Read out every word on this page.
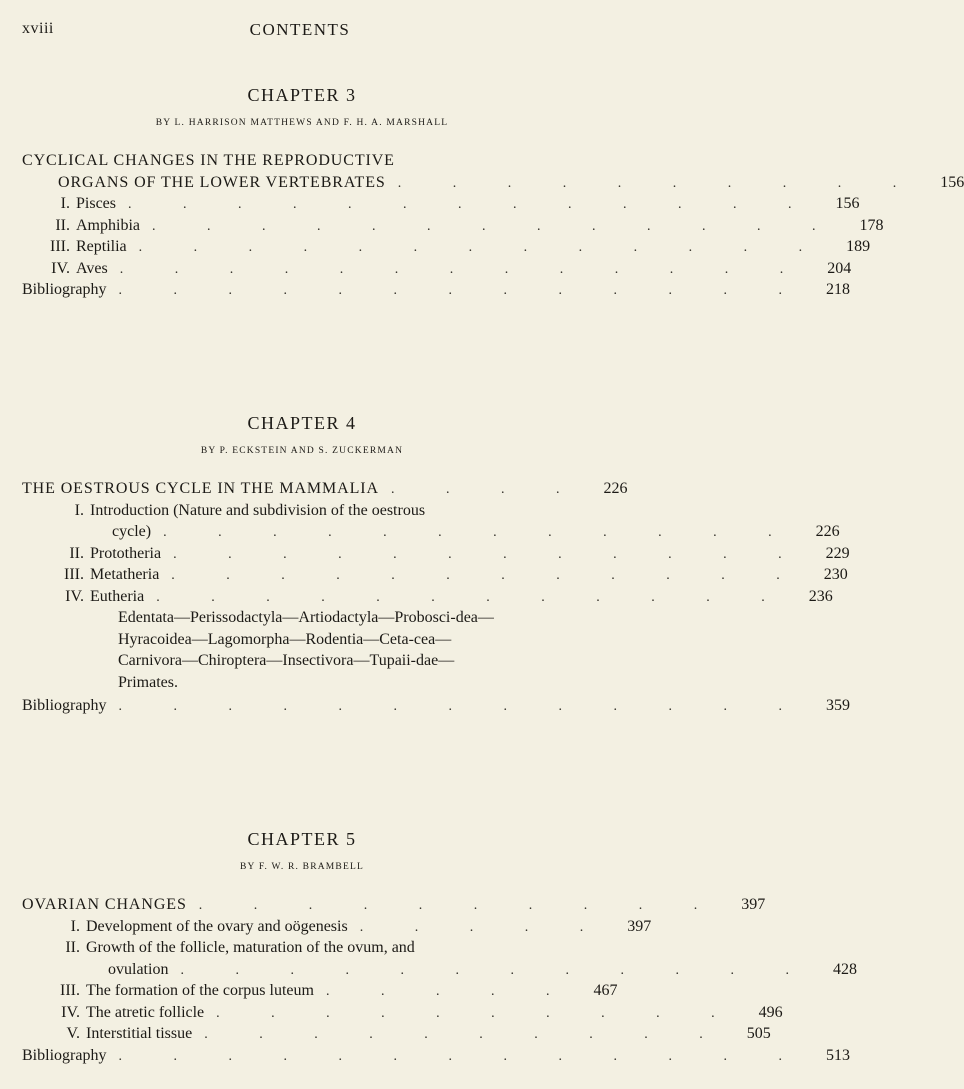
xviii	CONTENTS
CHAPTER 3
BY L. HARRISON MATTHEWS AND F. H. A. MARSHALL
CYCLICAL CHANGES IN THE REPRODUCTIVE
ORGANS OF THE LOWER VERTEBRATES . . . . . . . . . .	156
I. Pisces . . . . . . . . . . . . .	156
II. Amphibia . . . . . . . . . . . . .	178
III. Reptilia . . . . . . . . . . . . .	189
IV. Aves . . . . . . . . . . . . .	204
Bibliography . . . . . . . . . . . . .	218
CHAPTER 4
BY P. ECKSTEIN AND S. ZUCKERMAN
THE OESTROUS CYCLE IN THE MAMMALIA . . . .	226
I. Introduction (Nature and subdivision of the oestrous
cycle) . . . . . . . . . . . .	226
II. Prototheria . . . . . . . . . . . .	229
III. Metatheria . . . . . . . . . . . .	230
IV. Eutheria . . . . . . . . . . . .	236
Edentata—Perissodactyla—Artiodactyla—Probosci-dea—Hyracoidea—Lagomorpha—Rodentia—Ceta-cea—Carnivora—Chiroptera—Insectivora—Tupaii-dae—Primates.
Bibliography . . . . . . . . . . . . .	359
CHAPTER 5
BY F. W. R. BRAMBELL
OVARIAN CHANGES . . . . . . . . . .	397
I. Development of the ovary and oögenesis . . . . .	397
II. Growth of the follicle, maturation of the ovum, and
ovulation . . . . . . . . . . . .	428
III. The formation of the corpus luteum . . . . .	467
IV. The atretic follicle . . . . . . . . . .	496
V. Interstitial tissue . . . . . . . . . .	505
Bibliography . . . . . . . . . . . . .	513
